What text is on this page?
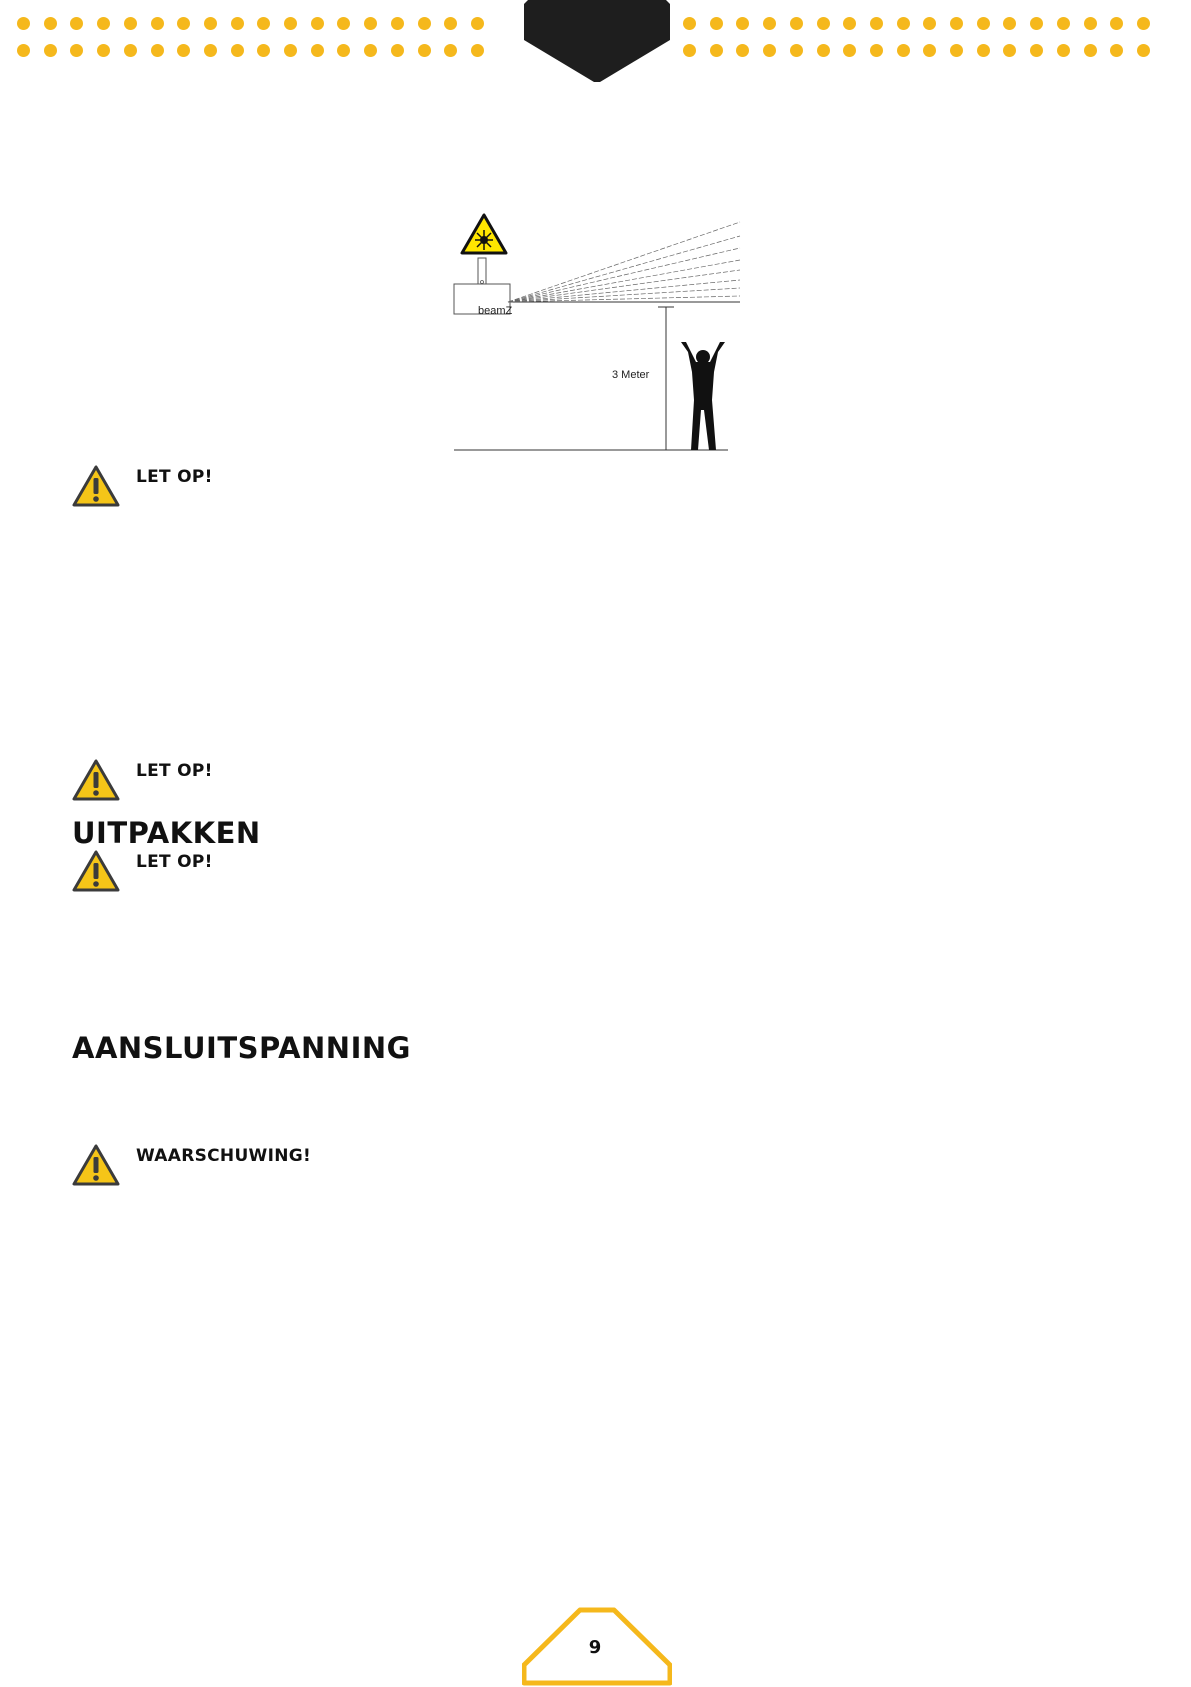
beamZ
3 Meter
LET OP!
LET OP!
UITPAKKEN
LET OP!
AANSLUITSPANNING
WAARSCHUWING!
9
